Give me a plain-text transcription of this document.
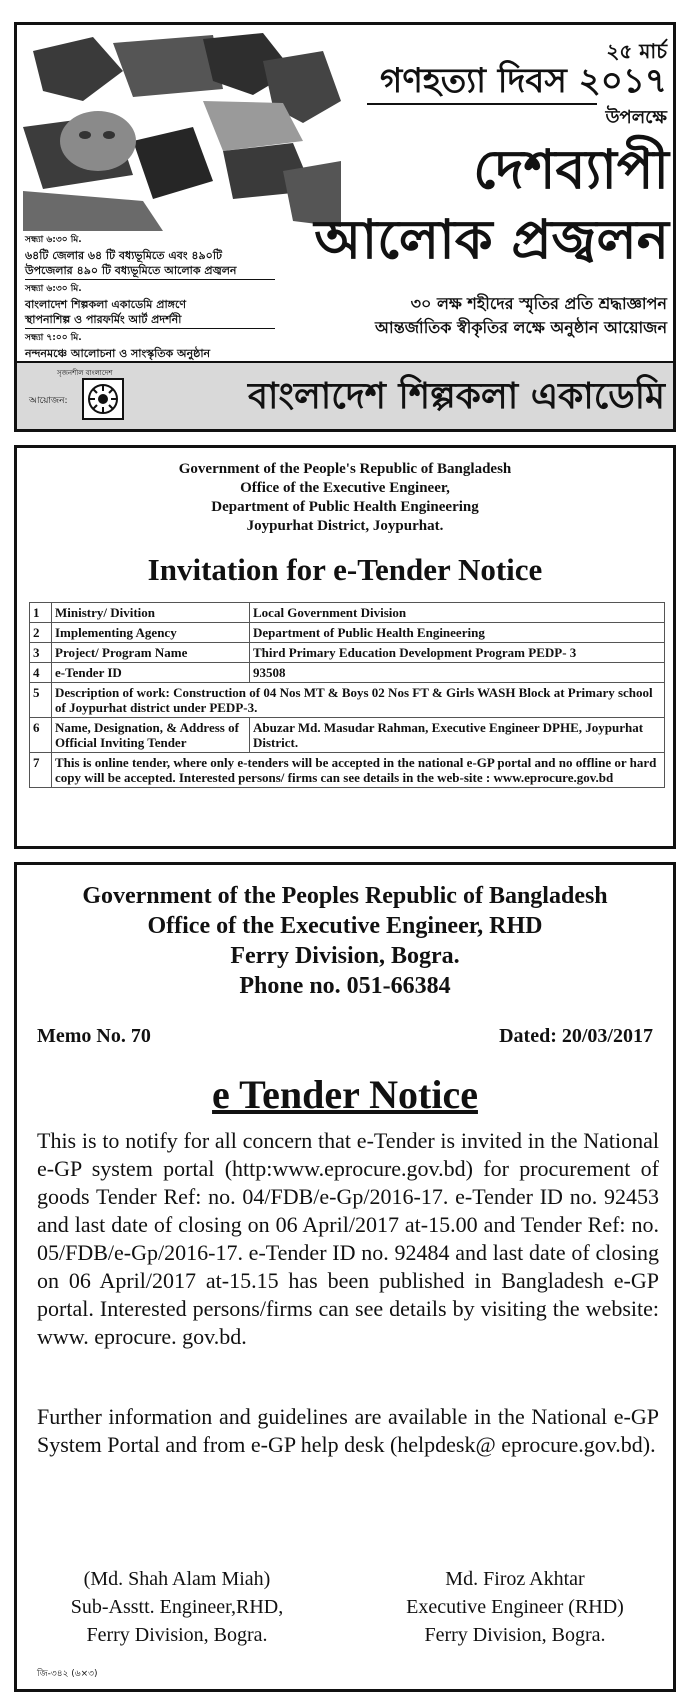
২৫ মার্চ
গণহত্যা দিবস ২০১৭
উপলক্ষে
দেশব্যাপী
আলোক প্রজ্বলন
৩০ লক্ষ শহীদের স্মৃতির প্রতি শ্রদ্ধাজ্ঞাপন
আন্তর্জাতিক স্বীকৃতির লক্ষে অনুষ্ঠান আয়োজন
সন্ধ্যা ৬:৩০ মি.
৬৪টি জেলার ৬৪ টি বধ্যভূমিতে এবং ৪৯০টি
উপজেলার ৪৯০ টি বধ্যভূমিতে আলোক প্রজ্বলন
সন্ধ্যা ৬:৩০ মি.
বাংলাদেশ শিল্পকলা একাডেমি প্রাঙ্গণে
স্থাপনাশিল্প ও পারফর্মিং আর্ট প্রদর্শনী
সন্ধ্যা ৭:০০ মি.
নন্দনমঞ্চে আলোচনা ও সাংস্কৃতিক অনুষ্ঠান
আয়োজন:
সৃজনশীল বাংলাদেশ
বাংলাদেশ শিল্পকলা একাডেমি
Government of the People's Republic of Bangladesh
Office of the Executive Engineer,
Department of Public Health Engineering
Joypurhat District, Joypurhat.
Invitation for e-Tender Notice
1	Ministry/ Divition	Local Government Division
2	Implementing Agency	Department of Public Health Engineering
3	Project/ Program Name	Third Primary Education Development Program PEDP- 3
4	e-Tender ID	93508
5	Description of work: Construction of 04 Nos MT & Boys 02 Nos FT & Girls WASH Block at Primary school of Joypurhat district under PEDP-3.	
6	Name, Designation, & Address of Official Inviting Tender	Abuzar Md. Masudar Rahman, Executive Engineer DPHE, Joypurhat District.
7	This is online tender, where only e-tenders will be accepted in the national e-GP portal and no offline or hard copy will be accepted. Interested persons/ firms can see details in the web-site : www.eprocure.gov.bd	
Government of the Peoples Republic of Bangladesh
Office of the Executive Engineer, RHD
Ferry Division, Bogra.
Phone no. 051-66384
Memo No. 70	Dated: 20/03/2017
e Tender Notice
This is to notify for all concern that e-Tender is invited in the National e-GP system portal (http:www.eprocure.gov.bd) for procurement of goods Tender Ref: no. 04/FDB/e-Gp/2016-17. e-Tender ID no. 92453 and last date of closing on 06 April/2017 at-15.00 and Tender Ref: no. 05/FDB/e-Gp/2016-17. e-Tender ID no. 92484 and last date of closing on 06 April/2017 at-15.15 has been published in Bangladesh e-GP portal. Interested persons/firms can see details by visiting the website: www. eprocure. gov.bd.
Further information and guidelines are available in the National e-GP System Portal and from e-GP help desk (helpdesk@ eprocure.gov.bd).
(Md. Shah Alam Miah)
Sub-Asstt. Engineer,RHD,
Ferry Division, Bogra.
Md. Firoz Akhtar
Executive Engineer (RHD)
Ferry Division, Bogra.
জি-৩৪২ (৬×৩)
